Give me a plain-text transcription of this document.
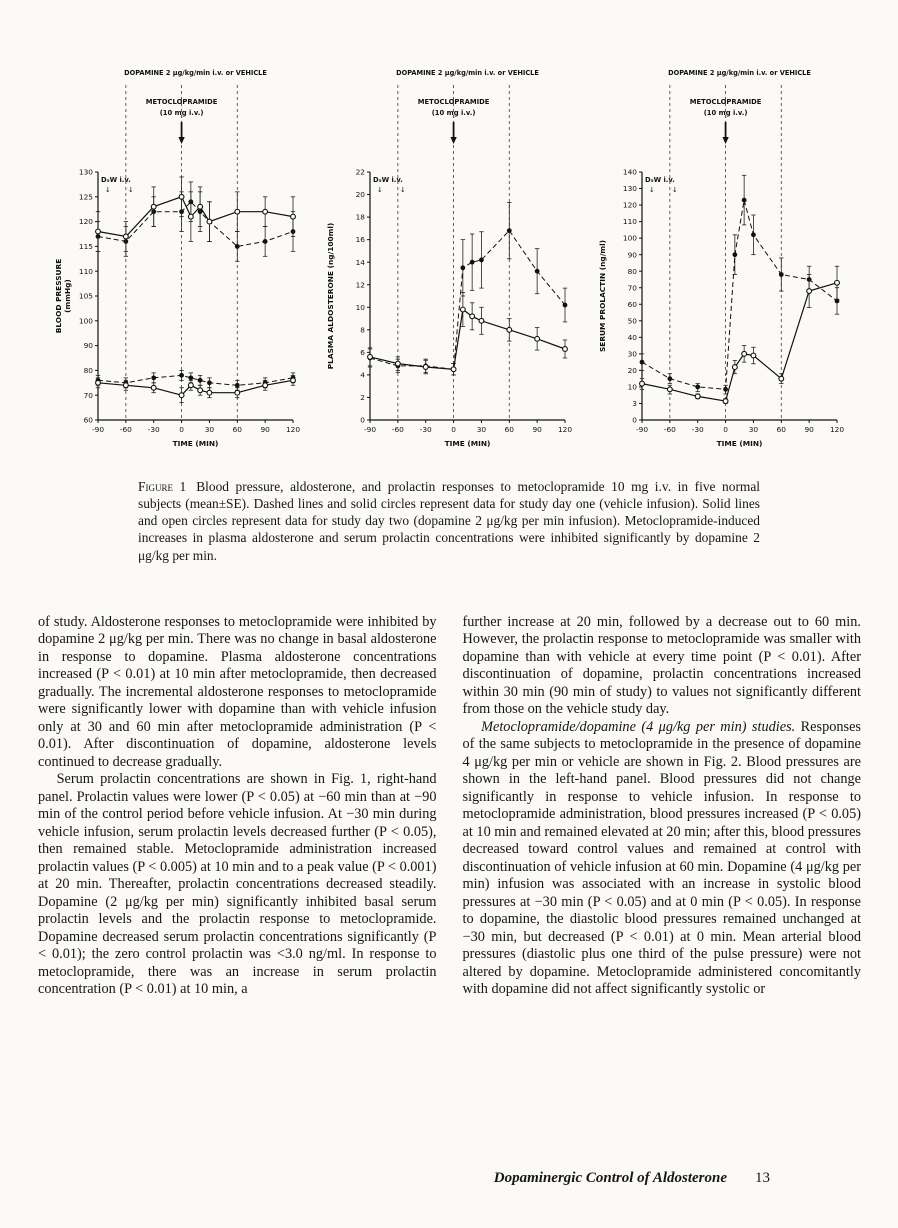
DOPAMINE 2 μg/kg/min i.v. or VEHICLE
METOCLOPRAMIDE
(10 mg i.v.)
D₅W i.v.
↓ ↓
60
70
80
90
100
105
110
115
120
125
130
-90 -60 -30	0	30 60 90 120
TIME (MIN)
BLOOD PRESSURE (mmHg)
DOPAMINE 2 μg/kg/min i.v. or VEHICLE
METOCLOPRAMIDE
(10 mg i.v.)
D₅W i.v.
↓ ↓
0
2
4
6
8
10
12
14
16
18
20
22
-90 -60 -30	0	30 60 90 120
TIME (MIN)
PLASMA ALDOSTERONE (ng/100ml)
DOPAMINE 2 μg/kg/min i.v. or VEHICLE
METOCLOPRAMIDE
(10 mg i.v.)
D₅W i.v.
↓ ↓
0
3
10
20
30
40
50
60
70
80
90
100
110
120
130
140
-90 -60 -30	0	30 60 90 120
TIME (MIN)
SERUM PROLACTIN (ng/ml)

Figure 1 Blood pressure, aldosterone, and prolactin responses to metoclopramide 10 mg i.v. in five normal subjects (mean±SE). Dashed lines and solid circles represent data for study day one (vehicle infusion). Solid lines and open circles represent data for study day two (dopamine 2 μg/kg per min infusion). Metoclopramide-induced increases in plasma aldosterone and serum prolactin concentrations were inhibited significantly by dopamine 2 μg/kg per min.

of study. Aldosterone responses to metoclopramide were inhibited by dopamine 2 μg/kg per min. There was no change in basal aldosterone in response to dopamine. Plasma aldosterone concentrations increased (P < 0.01) at 10 min after metoclopramide, then decreased gradually. The incremental aldosterone responses to metoclopramide were significantly lower with dopamine than with vehicle infusion only at 30 and 60 min after metoclopramide administration (P < 0.01). After discontinuation of dopamine, aldosterone levels continued to decrease gradually.

Serum prolactin concentrations are shown in Fig. 1, right-hand panel. Prolactin values were lower (P < 0.05) at −60 min than at −90 min of the control period before vehicle infusion. At −30 min during vehicle infusion, serum prolactin levels decreased further (P < 0.05), then remained stable. Metoclopramide administration increased prolactin values (P < 0.005) at 10 min and to a peak value (P < 0.001) at 20 min. Thereafter, prolactin concentrations decreased steadily. Dopamine (2 μg/kg per min) significantly inhibited basal serum prolactin levels and the prolactin response to metoclopramide. Dopamine decreased serum prolactin concentrations significantly (P < 0.01); the zero control prolactin was <3.0 ng/ml. In response to metoclopramide, there was an increase in serum prolactin concentration (P < 0.01) at 10 min, a

further increase at 20 min, followed by a decrease out to 60 min. However, the prolactin response to metoclopramide was smaller with dopamine than with vehicle at every time point (P < 0.01). After discontinuation of dopamine, prolactin concentrations increased within 30 min (90 min of study) to values not significantly different from those on the vehicle study day.

Metoclopramide/dopamine (4 μg/kg per min) studies. Responses of the same subjects to metoclopramide in the presence of dopamine 4 μg/kg per min or vehicle are shown in Fig. 2. Blood pressures are shown in the left-hand panel. Blood pressures did not change significantly in response to vehicle infusion. In response to metoclopramide administration, blood pressures increased (P < 0.05) at 10 min and remained elevated at 20 min; after this, blood pressures decreased toward control values and remained at control with discontinuation of vehicle infusion at 60 min. Dopamine (4 μg/kg per min) infusion was associated with an increase in systolic blood pressures at −30 min (P < 0.05) and at 0 min (P < 0.05). In response to dopamine, the diastolic blood pressures remained unchanged at −30 min, but decreased (P < 0.01) at 0 min. Mean arterial blood pressures (diastolic plus one third of the pulse pressure) were not altered by dopamine. Metoclopramide administered concomitantly with dopamine did not affect significantly systolic or

Dopaminergic Control of Aldosterone 13
